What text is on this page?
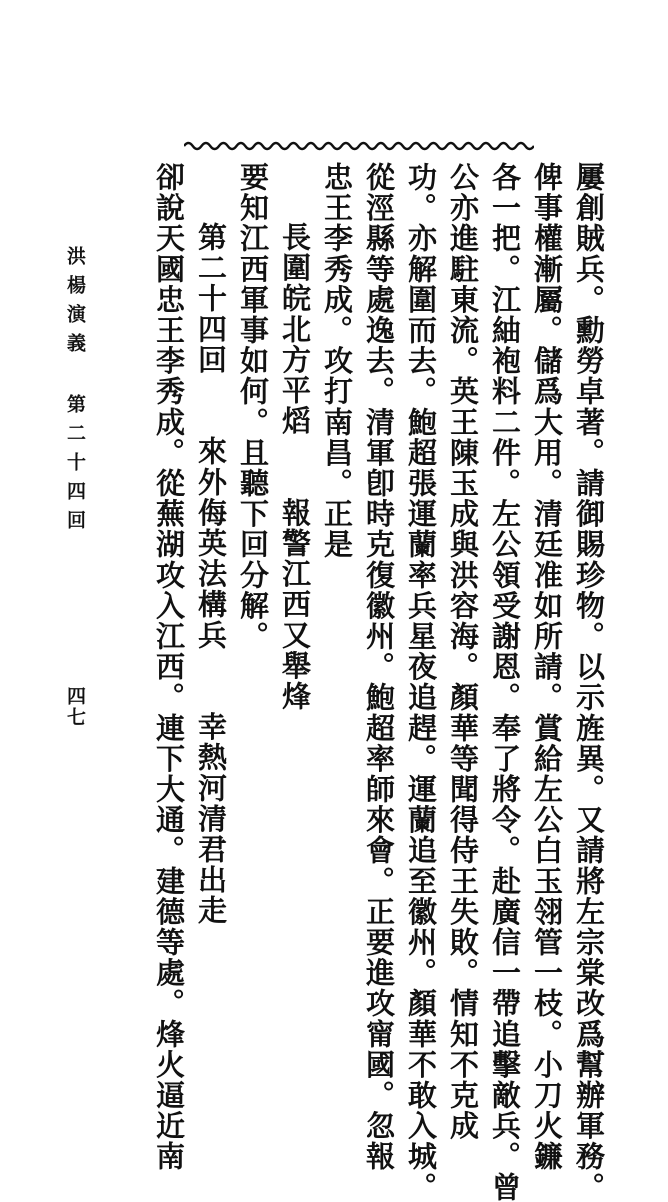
屢創賊兵。勳勞卓著。請御賜珍物。以示旌異。又請將左宗棠改爲幫辦軍務。
俾事權漸屬。儲爲大用。清廷准如所請。賞給左公白玉翎管一枝。小刀火鐮
各一把。江紬袍料二件。左公領受謝恩。奉了將令。赴廣信一帶追擊敵兵。曾
公亦進駐東流。英王陳玉成與洪容海。顏華等聞得侍王失敗。情知不克成
功。亦解圍而去。鮑超張運蘭率兵星夜追趕。運蘭追至徽州。顏華不敢入城。
從涇縣等處逸去。清軍卽時克復徽州。鮑超率師來會。正要進攻甯國。忽報
忠王李秀成。攻打南昌。正是
長圍皖北方平熖　　報警江西又舉烽
要知江西軍事如何。且聽下回分解。
第二十四回　　來外侮英法構兵　　幸熱河清君出走
卻說天國忠王李秀成。從蕪湖攻入江西。連下大通。建德等處。烽火逼近南
洪楊演義 第二十四回
四七
